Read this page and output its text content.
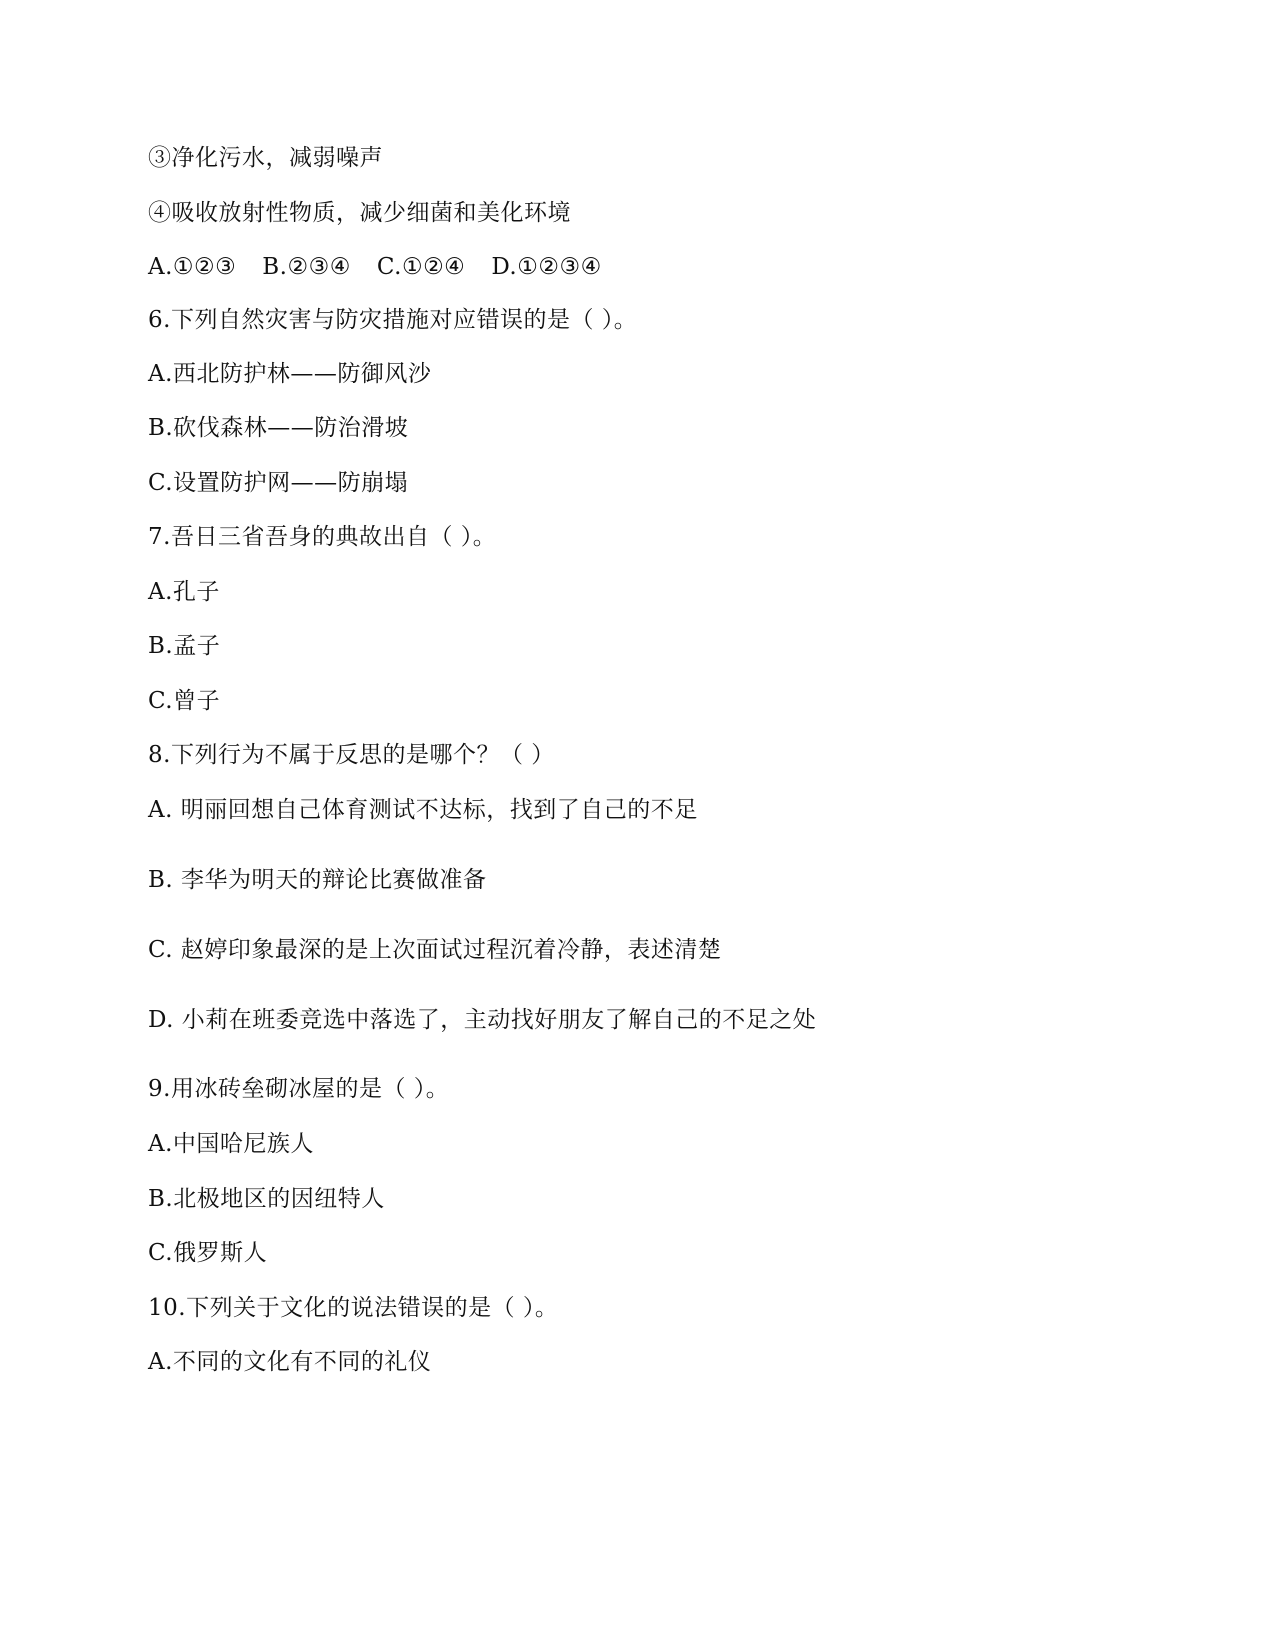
③净化污水，减弱噪声
④吸收放射性物质，减少细菌和美化环境
A.①②③ B.②③④ C.①②④ D.①②③④
6.下列自然灾害与防灾措施对应错误的是（ ）。
A.西北防护林——防御风沙
B.砍伐森林——防治滑坡
C.设置防护网——防崩塌
7.吾日三省吾身的典故出自（ ）。
A.孔子
B.孟子
C.曾子
8.下列行为不属于反思的是哪个？（ ）
A. 明丽回想自己体育测试不达标，找到了自己的不足
B. 李华为明天的辩论比赛做准备
C. 赵婷印象最深的是上次面试过程沉着冷静，表述清楚
D. 小莉在班委竞选中落选了，主动找好朋友了解自己的不足之处
9.用冰砖垒砌冰屋的是（ ）。
A.中国哈尼族人
B.北极地区的因纽特人
C.俄罗斯人
10.下列关于文化的说法错误的是（ ）。
A.不同的文化有不同的礼仪
